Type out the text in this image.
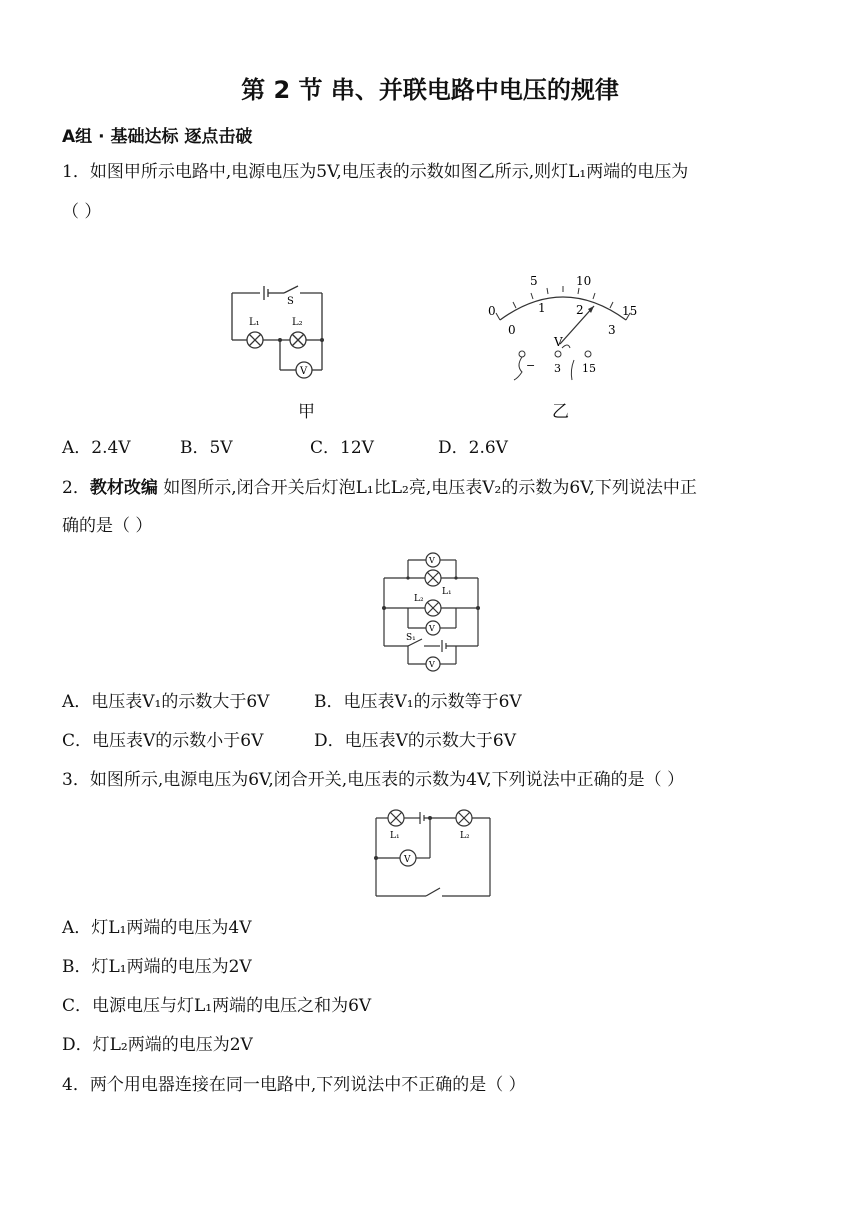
第 2 节 串、并联电路中电压的规律
A组 · 基础达标 逐点击破
1．如图甲所示电路中,电源电压为5V,电压表的示数如图乙所示,则灯L₁两端的电压为
（ ）
S
L₁	L₂
V
甲
0
5	10
15
0
1	2
3
V
− 3 15
乙
A．2.4V	B．5V	C．12V	D．2.6V
2．教材改编 如图所示,闭合开关后灯泡L₁比L₂亮,电压表V₂的示数为6V,下列说法中正
确的是（ ）
V
L₁
L₂
V
S₁
V
A．电压表V₁的示数大于6V	B．电压表V₁的示数等于6V
C．电压表V的示数小于6V	D．电压表V的示数大于6V
3．如图所示,电源电压为6V,闭合开关,电压表的示数为4V,下列说法中正确的是（ ）
L₁	L₂
V
A．灯L₁两端的电压为4V
B．灯L₁两端的电压为2V
C．电源电压与灯L₁两端的电压之和为6V
D．灯L₂两端的电压为2V
4．两个用电器连接在同一电路中,下列说法中不正确的是（ ）
